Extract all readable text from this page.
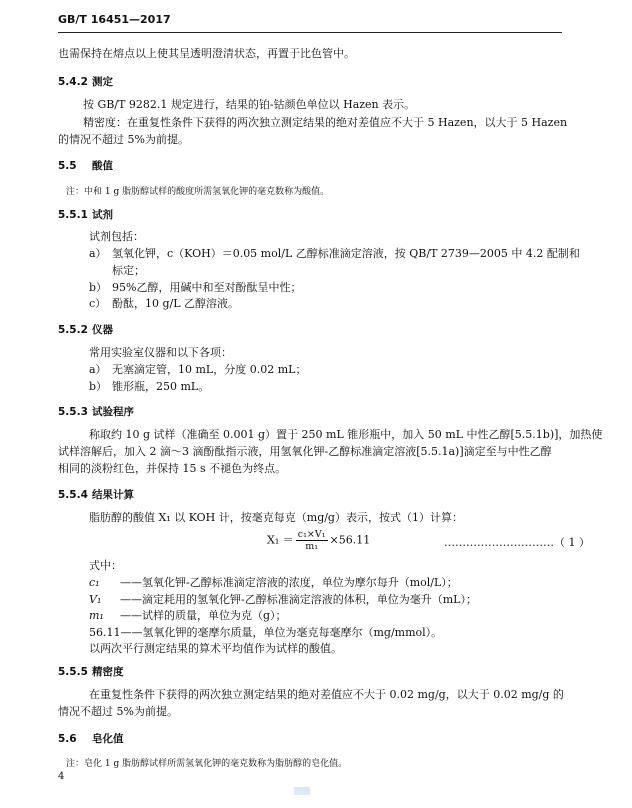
GB/T 16451—2017
也需保持在熔点以上使其呈透明澄清状态，再置于比色管中。
5.4.2 测定
按 GB/T 9282.1 规定进行，结果的铂-钴颜色单位以 Hazen 表示。
精密度：在重复性条件下获得的两次独立测定结果的绝对差值应不大于 5 Hazen，以大于 5 Hazen
的情况不超过 5%为前提。
5.5 酸值
注：中和 1 g 脂肪醇试样的酸度所需氢氧化钾的毫克数称为酸值。
5.5.1 试剂
试剂包括：
a） 氢氧化钾，c（KOH）＝0.05 mol/L 乙醇标准滴定溶液，按 QB/T 2739—2005 中 4.2 配制和
标定；
b） 95%乙醇，用碱中和至对酚酞呈中性；
c） 酚酞，10 g/L 乙醇溶液。
5.5.2 仪器
常用实验室仪器和以下各项：
a） 无塞滴定管，10 mL，分度 0.02 mL；
b） 锥形瓶，250 mL。
5.5.3 试验程序
称取约 10 g 试样（准确至 0.001 g）置于 250 mL 锥形瓶中，加入 50 mL 中性乙醇[5.5.1b)]，加热使
试样溶解后，加入 2 滴～3 滴酚酞指示液，用氢氧化钾-乙醇标准滴定溶液[5.5.1a)]滴定至与中性乙醇
相同的淡粉红色，并保持 15 s 不褪色为终点。
5.5.4 结果计算
脂肪醇的酸值 X₁ 以 KOH 计，按毫克每克（mg/g）表示，按式（1）计算：
$X_1 = \frac{\text{c₁×V₁}}{\text{m₁}} \times 56.11$	…………………………（ 1 ）
式中：
c₁ ——氢氧化钾-乙醇标准滴定溶液的浓度，单位为摩尔每升（mol/L）；
V₁ ——滴定耗用的氢氧化钾-乙醇标准滴定溶液的体积，单位为毫升（mL）；
m₁ ——试样的质量，单位为克（g）；
56.11——氢氧化钾的毫摩尔质量，单位为毫克每毫摩尔（mg/mmol）。
以两次平行测定结果的算术平均值作为试样的酸值。
5.5.5 精密度
在重复性条件下获得的两次独立测定结果的绝对差值应不大于 0.02 mg/g，以大于 0.02 mg/g 的
情况不超过 5%为前提。
5.6 皂化值
注：皂化 1 g 脂肪醇试样所需氢氧化钾的毫克数称为脂肪醇的皂化值。
4
